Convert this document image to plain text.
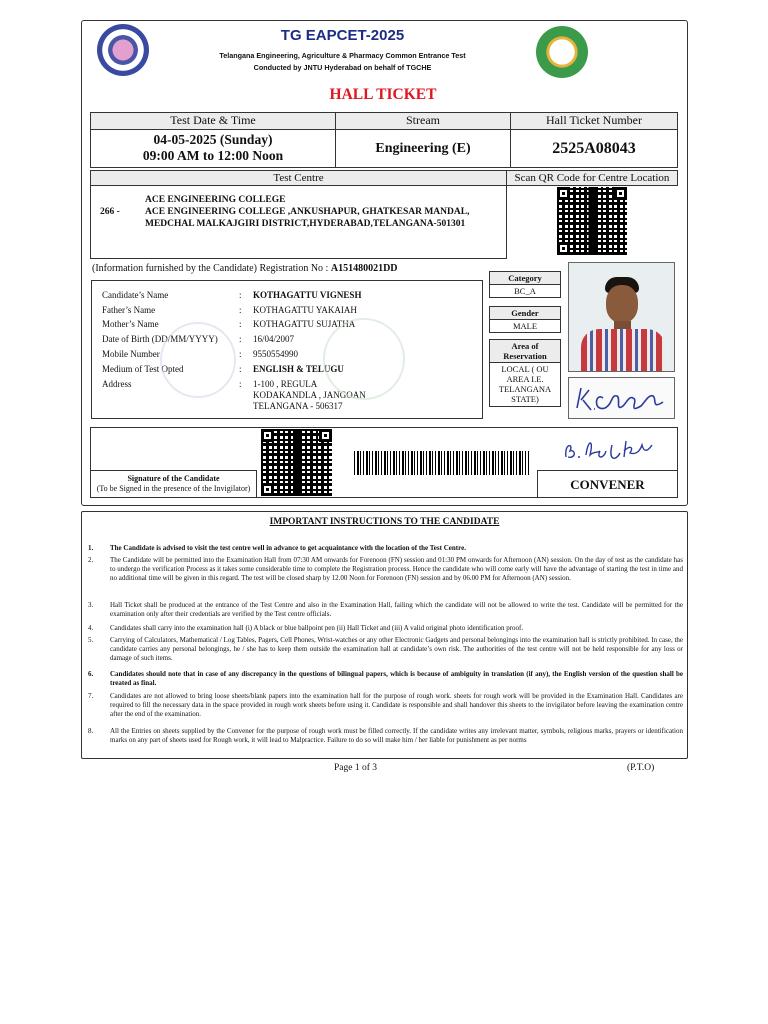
TG EAPCET-2025
Telangana Engineering, Agriculture & Pharmacy Common Entrance Test
Conducted by JNTU Hyderabad on behalf of TGCHE
HALL TICKET
Test Date & Time	Stream	Hall Ticket Number
04-05-2025 (Sunday)
09:00 AM to 12:00 Noon	Engineering (E)	2525A08043
Test Centre	Scan QR Code for Centre Location
266 -
ACE ENGINEERING COLLEGE
ACE ENGINEERING COLLEGE ,ANKUSHAPUR, GHATKESAR MANDAL,
MEDCHAL MALKAJGIRI DISTRICT,HYDERABAD,TELANGANA-501301
(Information furnished by the Candidate) Registration No : A151480021DD
Candidate’s Name	: KOTHAGATTU VIGNESH
Father’s Name	: KOTHAGATTU YAKAIAH
Mother’s Name	: KOTHAGATTU SUJATHA
Date of Birth (DD/MM/YYYY) : 16/04/2007
Mobile Number	: 9550554990
Medium of Test Opted	: ENGLISH & TELUGU
Address	: 1-100 , REGULA
KODAKANDLA , JANGOAN
TELANGANA - 506317
Category
BC_A
Gender
MALE
Area of Reservation
LOCAL ( OU
AREA I.E.
TELANGANA
STATE)
Signature of the Candidate
(To be Signed in the presence of the Invigilator)	CONVENER
IMPORTANT INSTRUCTIONS TO THE CANDIDATE
1. The Candidate is advised to visit the test centre well in advance to get acquaintance with the location of the Test Centre.
2. The Candidate will be permitted into the Examination Hall from 07:30 AM onwards for Forenoon (FN) session and 01:30 PM onwards for Afternoon (AN) session. On the day of test as the candidate has to undergo the verification Process as it takes some considerable time to complete the Registration process. Hence the candidate who will come early will have the advantage of starting the test in time and no additional time will be given in this regard. The test will be closed sharp by 12.00 Noon for Forenoon (FN) session and by 06.00 PM for Afternoon (AN) session.
3. Hall Ticket shall be produced at the entrance of the Test Centre and also in the Examination Hall, failing which the candidate will not be allowed to write the test. Candidate will be permitted for the examination only after their credentials are verified by the Test centre officials.
4. Candidates shall carry into the examination hall (i) A black or blue ballpoint pen (ii) Hall Ticket and (iii) A valid original photo identification proof.
5. Carrying of Calculators, Mathematical / Log Tables, Pagers, Cell Phones, Wrist-watches or any other Electronic Gadgets and personal belongings into the examination hall is strictly prohibited. In case, the candidate carries any personal belongings, he / she has to keep them outside the examination hall at candidate’s own risk. The authorities of the test centre will not be held responsible for any loss or damage of such items.
6. Candidates should note that in case of any discrepancy in the questions of bilingual papers, which is because of ambiguity in translation (if any), the English version of the question shall be treated as final.
7. Candidates are not allowed to bring loose sheets/blank papers into the examination hall for the purpose of rough work. sheets for rough work will be provided in the Examination Hall. Candidates are required to fill the necessary data in the space provided in rough work sheets before using it. Candidate is responsible and shall handover this sheets to the invigilator before leaving the examination centre after the end of the examination.
8. All the Entries on sheets supplied by the Convener for the purpose of rough work must be filled correctly. If the candidate writes any irrelevant matter, symbols, religious marks, prayers or identification marks on any part of sheets used for Rough work, it will lead to Malpractice. Failure to do so will make him / her liable for punishment as per norms
Page 1 of 3	(P.T.O)
